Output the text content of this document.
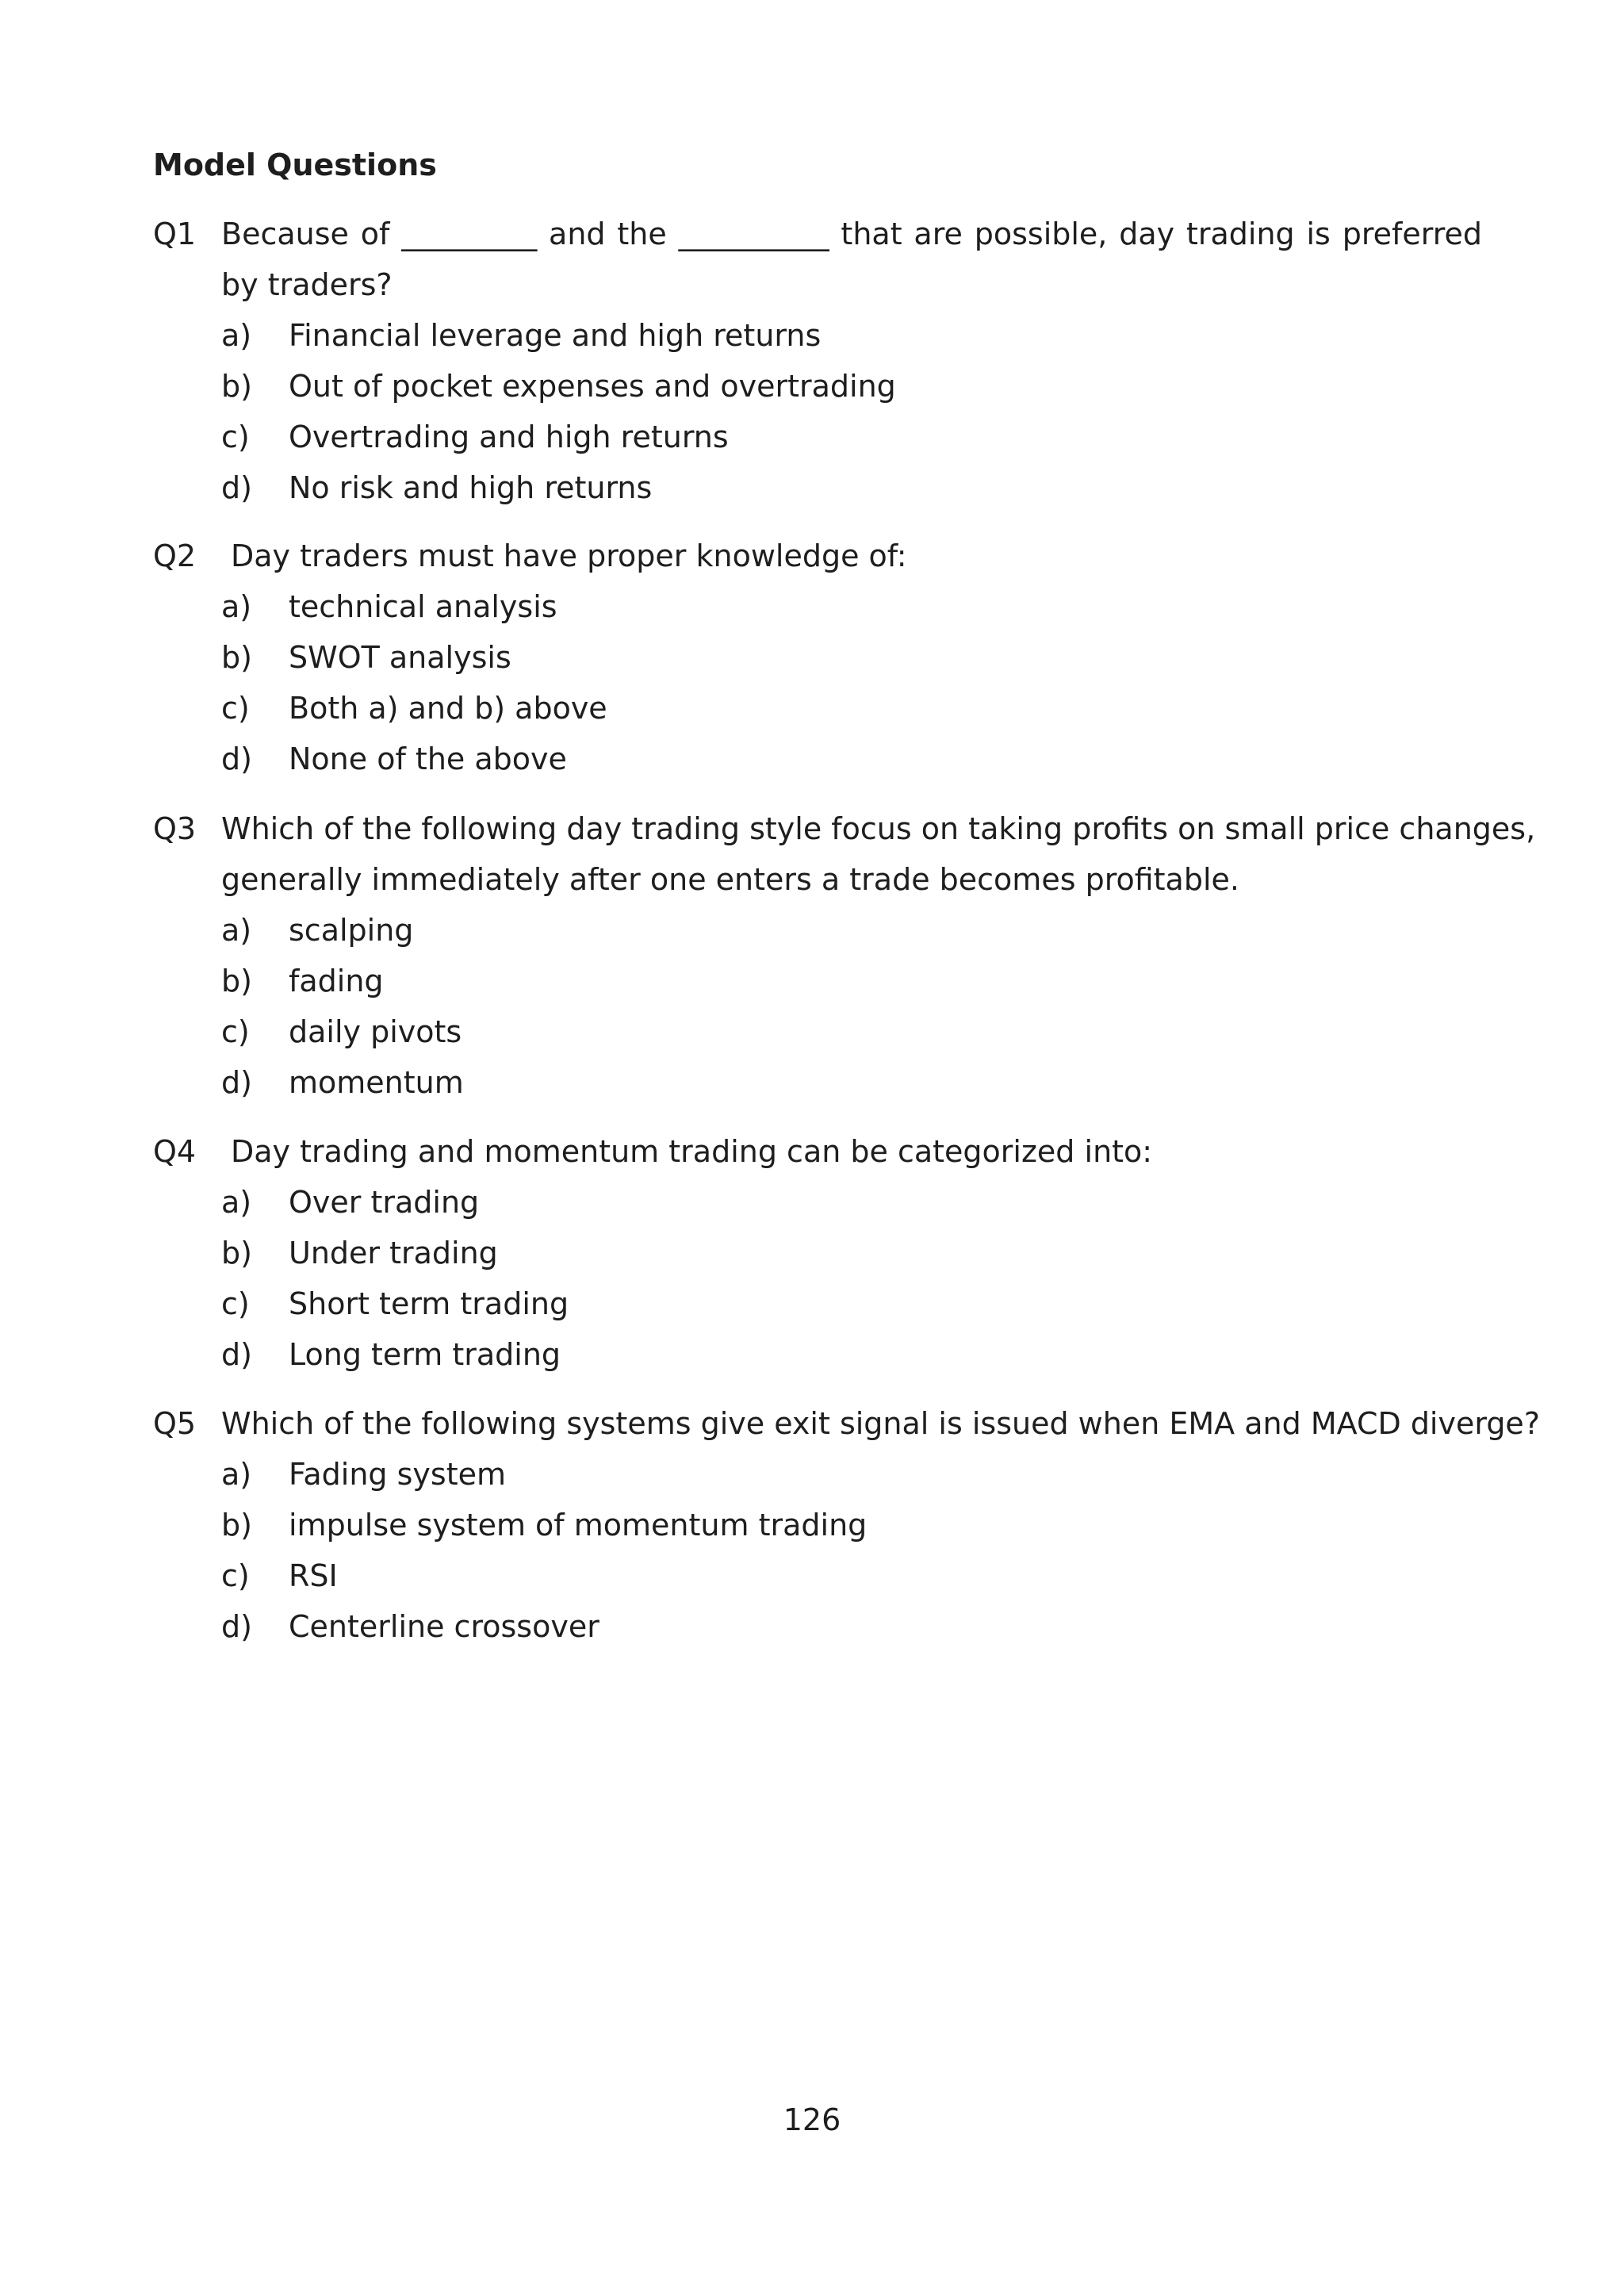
Model Questions
Q1 Because of _________ and the __________ that are possible, day trading is preferred
by traders?
a) Financial leverage and high returns
b) Out of pocket expenses and overtrading
c) Overtrading and high returns
d) No risk and high returns
Q2 Day traders must have proper knowledge of:
a) technical analysis
b) SWOT analysis
c) Both a) and b) above
d) None of the above
Q3 Which of the following day trading style focus on taking profits on small price changes,
generally immediately after one enters a trade becomes profitable.
a) scalping
b) fading
c) daily pivots
d) momentum
Q4 Day trading and momentum trading can be categorized into:
a) Over trading
b) Under trading
c) Short term trading
d) Long term trading
Q5 Which of the following systems give exit signal is issued when EMA and MACD diverge?
a) Fading system
b) impulse system of momentum trading
c) RSI
d) Centerline crossover
126
